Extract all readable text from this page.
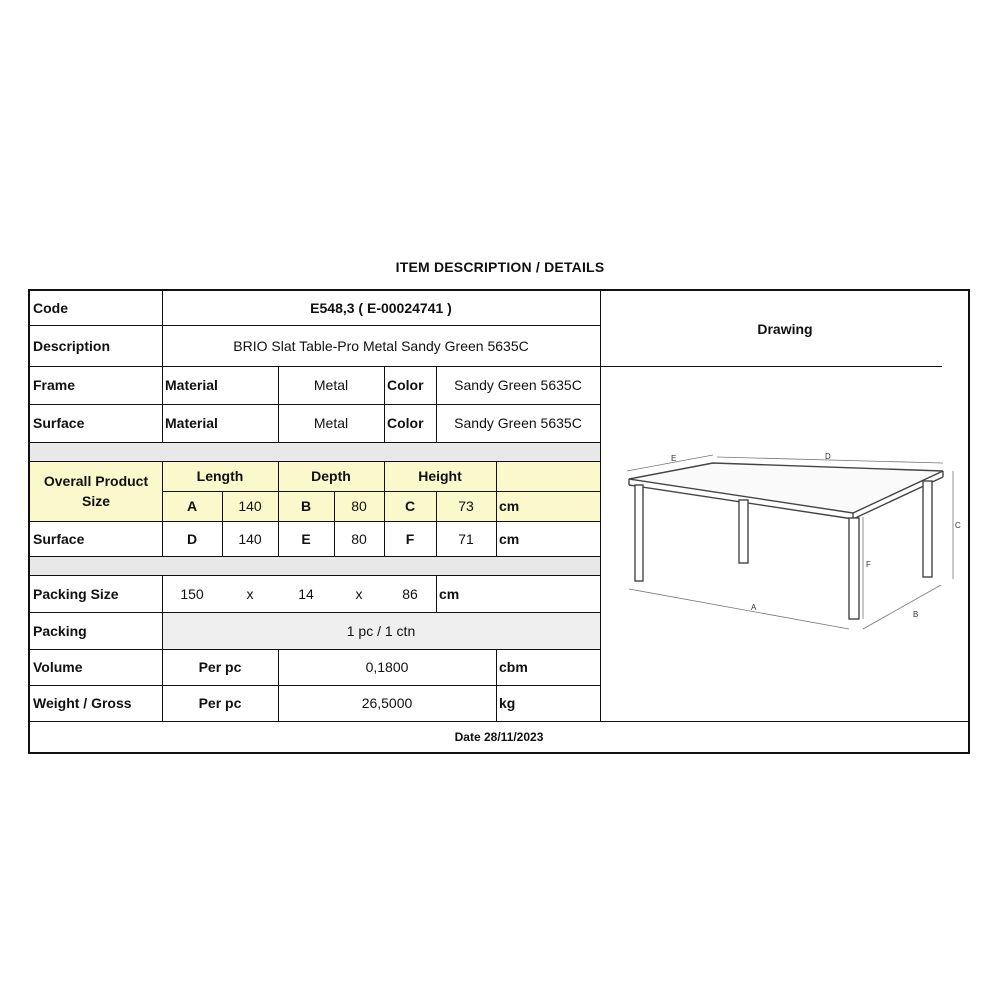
ITEM DESCRIPTION / DETAILS
Code	E548,3 ( E-00024741 )
Description	BRIO Slat Table-Pro Metal Sandy Green 5635C
Drawing
Frame	Material	Metal	Color	Sandy Green 5635C
Surface	Material	Metal	Color	Sandy Green 5635C
Overall Product Size
Length	Depth	Height
A	140	B	80	C	73	cm
Surface	D	140	E	80	F	71	cm
Packing Size	150	x	14	x	86	cm
Packing	1 pc / 1 ctn
Volume	Per pc	0,1800	cbm
Weight / Gross	Per pc	26,5000	kg
Date 28/11/2023
E	D
A
B
C
F
